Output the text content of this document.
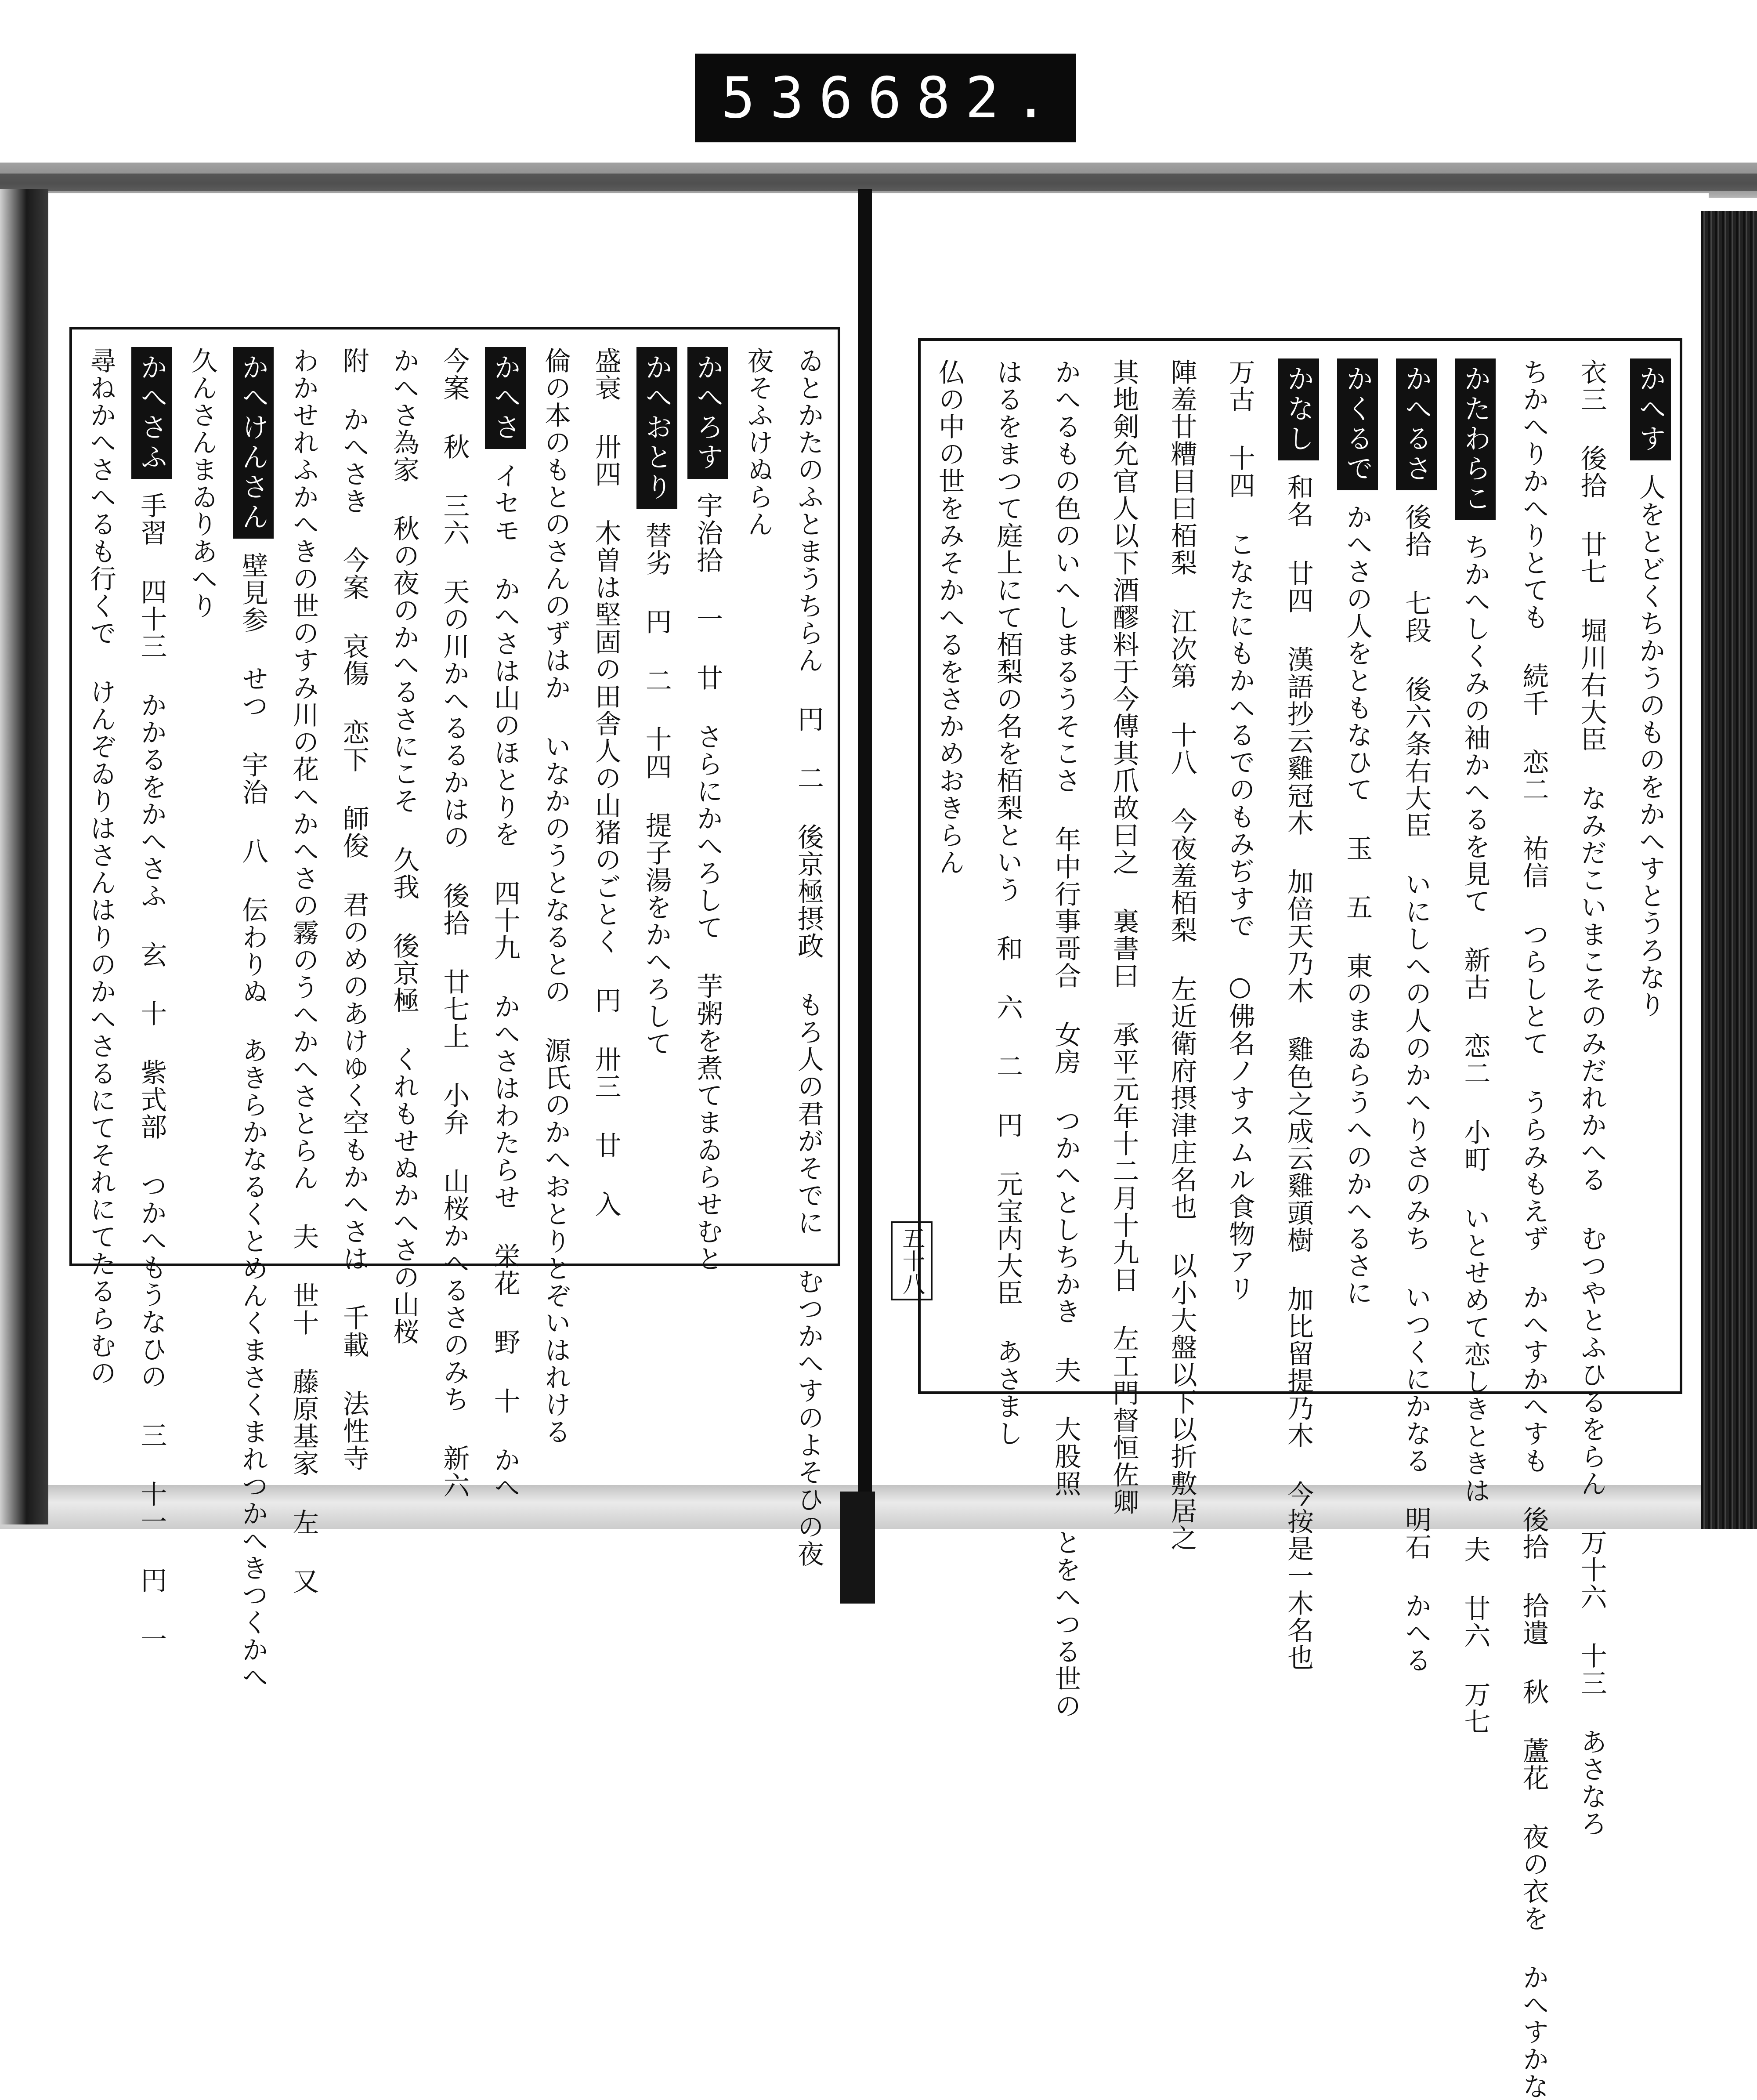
536 682.
かへす人をとどくちかうのものをかへすとうろなり
衣三 後拾 廿七 堀川右大臣 なみだこいまこそのみだれかへる むつやとふひるをらん 万十六 十三 あさなろ
ちかへりかへりとても 続千 恋二 祐信 つらしとて うらみもえず かへすかへすも 後拾 拾遺 秋 蘆花 夜の衣を かへすかな
かたわらこちかへしくみの袖かへるを見て 新古 恋二 小町 いとせめて恋しきときは 夫 廿六 万七
かへるさ後拾 七段 後六条右大臣 いにしへの人のかへりさのみち いつくにかなる 明石 かへる
かくるでかへさの人をともなひて 玉 五 東のまゐらうへのかへるさに
かなし和名 廿四 漢語抄云雞冠木 加倍天乃木 雞色之成云雞頭樹 加比留提乃木 今按是一木名也
万古 十四 こなたにもかへるでのもみぢすで ○佛名ノすスムル食物アリ
陣羞廿糟目曰栢梨 江次第 十八 今夜羞栢梨 左近衛府摂津庄名也 以小大盤以下以折敷居之
其地剣允官人以下酒醪料于今傳其爪故曰之 裏書曰 承平元年十二月十九日 左工門督恒佐卿
かへるもの色のいへしまるうそこさ 年中行事哥合 女房 つかへとしちかき 夫 大股照 とをへつる世の
はるをまつて庭上にて栢梨の名を栢梨という 和 六 二 円 元宝内大臣 あさまし
仏の中の世をみそかへるをさかめおきらん
五十八
ゐとかたのふとまうちらん 円 二 後京極摂政 もろ人の君がそでに むつかへすのよそひの夜
夜そふけぬらん
かへろす宇治拾 一 廿 さらにかへろして 芋粥を煮てまゐらせむと
かへおとり替劣 円 二 十四 提子湯をかへろして
盛衰 卅四 木曽は堅固の田舎人の山猪のごとく 円 卅三 廿 入
倫の本のもとのさんのずはか いなかのうとなるとの 源氏のかへおとりとぞいはれける
かへさイセモ かへさは山のほとりを 四十九 かへさはわたらせ 栄花 野 十 かへ
今案 秋 三六 天の川かへるるかはの 後拾 廿七上 小弁 山桜かへるさのみち 新六
かへさ為家 秋の夜のかへるさにこそ 久我 後京極 くれもせぬかへさの山桜
附 かへさき 今案 哀傷 恋下 師俊 君のめのあけゆく空もかへさは 千載 法性寺
わかせれふかへきの世のすみ川の花へかへさの霧のうへかへさとらん 夫 世十 藤原基家 左 又
かへけんさん壁見参 せつ 宇治 八 伝わりぬ あきらかなるくとめんくまさくまれつかへきつくかへ
久んさんまゐりあへり
かへさふ手習 四十三 かかるをかへさふ 玄 十 紫式部 つかへもうなひの 三 十一 円 一
尋ねかへさへるも行くで けんぞゐりはさんはりのかへさるにてそれにてたるらむの
